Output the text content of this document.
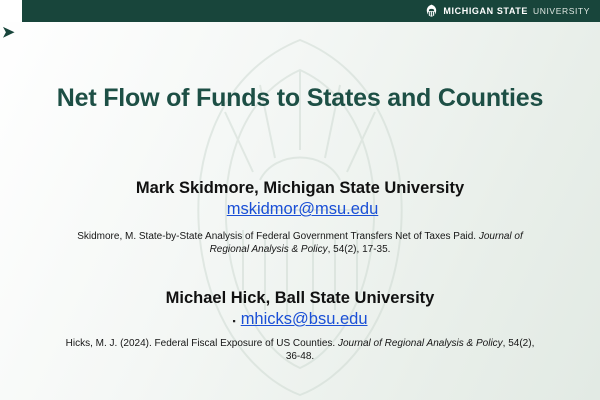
MICHIGAN STATE UNIVERSITY
➤
Net Flow of Funds to States and Counties
Mark Skidmore, Michigan State University
mskidmor@msu.edu
Skidmore, M. State-by-State Analysis of Federal Government Transfers Net of Taxes Paid. Journal of Regional Analysis & Policy, 54(2), 17-35.
Michael Hick, Ball State University
▪ mhicks@bsu.edu
Hicks, M. J. (2024). Federal Fiscal Exposure of US Counties. Journal of Regional Analysis & Policy, 54(2), 36-48.
